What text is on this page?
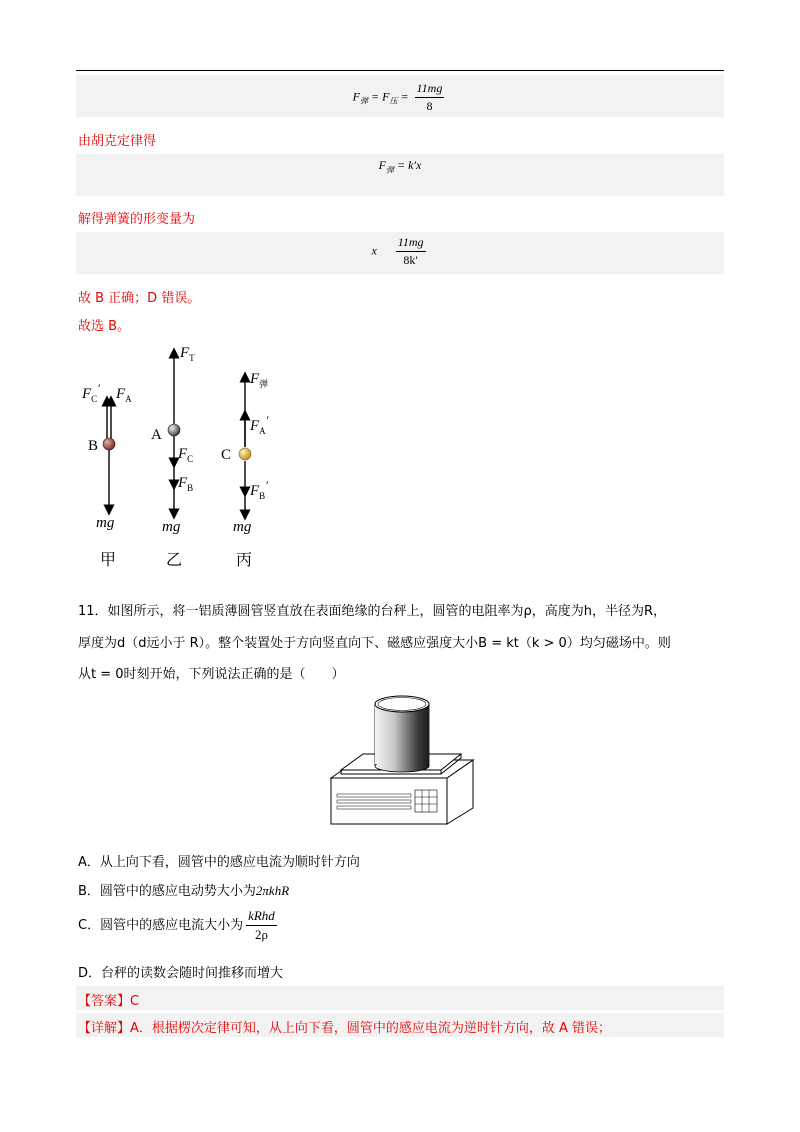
$F_弹 = F_压 = \frac{11mg}{8}$
由胡克定律得
$F_弹 = k'x$
解得弹簧的形变量为
x $\frac{11mg}{8k'}$
故 B 正确；D 错误。
故选 B。
$F_C'$ $F_A$
B
mg
$F_T$
A
$F_C$
$F_B$
mg
$F_弹$
$F_A'$
C
$F_B'$
mg
甲	乙	丙
11．如图所示，将一铝质薄圆管竖直放在表面绝缘的台秤上，圆管的电阻率为ρ，高度为h，半径为R，
厚度为d（d远小于 R）。整个装置处于方向竖直向下、磁感应强度大小B = kt（k > 0）均匀磁场中。则
从t = 0时刻开始，下列说法正确的是（　　）
A．从上向下看，圆管中的感应电流为顺时针方向
B．圆管中的感应电动势大小为2πkhR
C．圆管中的感应电流大小为 $\frac{\text{kRhd}}{2\rho}$
D．台秤的读数会随时间推移而增大
【答案】C
【详解】A．根据楞次定律可知，从上向下看，圆管中的感应电流为逆时针方向，故 A 错误；
